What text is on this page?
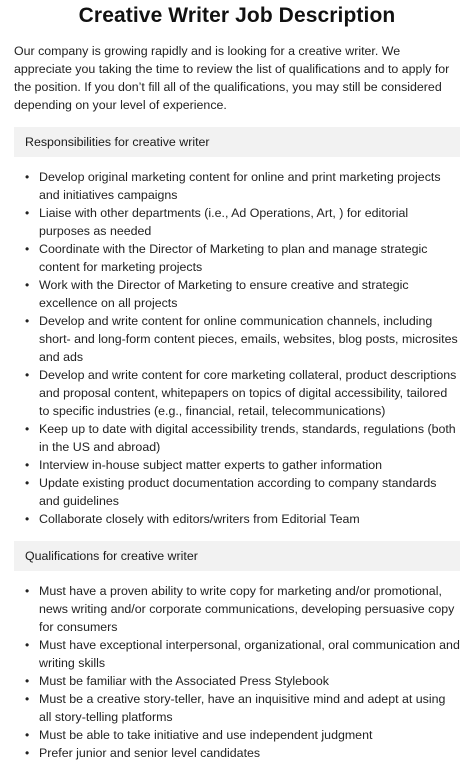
Creative Writer Job Description

Our company is growing rapidly and is looking for a creative writer. We appreciate you taking the time to review the list of qualifications and to apply for the position. If you don’t fill all of the qualifications, you may still be considered depending on your level of experience.

Responsibilities for creative writer
• Develop original marketing content for online and print marketing projects and initiatives campaigns
• Liaise with other departments (i.e., Ad Operations, Art, ) for editorial purposes as needed
• Coordinate with the Director of Marketing to plan and manage strategic content for marketing projects
• Work with the Director of Marketing to ensure creative and strategic excellence on all projects
• Develop and write content for online communication channels, including short- and long-form content pieces, emails, websites, blog posts, microsites and ads
• Develop and write content for core marketing collateral, product descriptions and proposal content, whitepapers on topics of digital accessibility, tailored to specific industries (e.g., financial, retail, telecommunications)
• Keep up to date with digital accessibility trends, standards, regulations (both in the US and abroad)
• Interview in-house subject matter experts to gather information
• Update existing product documentation according to company standards and guidelines
• Collaborate closely with editors/writers from Editorial Team
Qualifications for creative writer
• Must have a proven ability to write copy for marketing and/or promotional, news writing and/or corporate communications, developing persuasive copy for consumers
• Must have exceptional interpersonal, organizational, oral communication and writing skills
• Must be familiar with the Associated Press Stylebook
• Must be a creative story-teller, have an inquisitive mind and adept at using all story-telling platforms
• Must be able to take initiative and use independent judgment
• Prefer junior and senior level candidates
